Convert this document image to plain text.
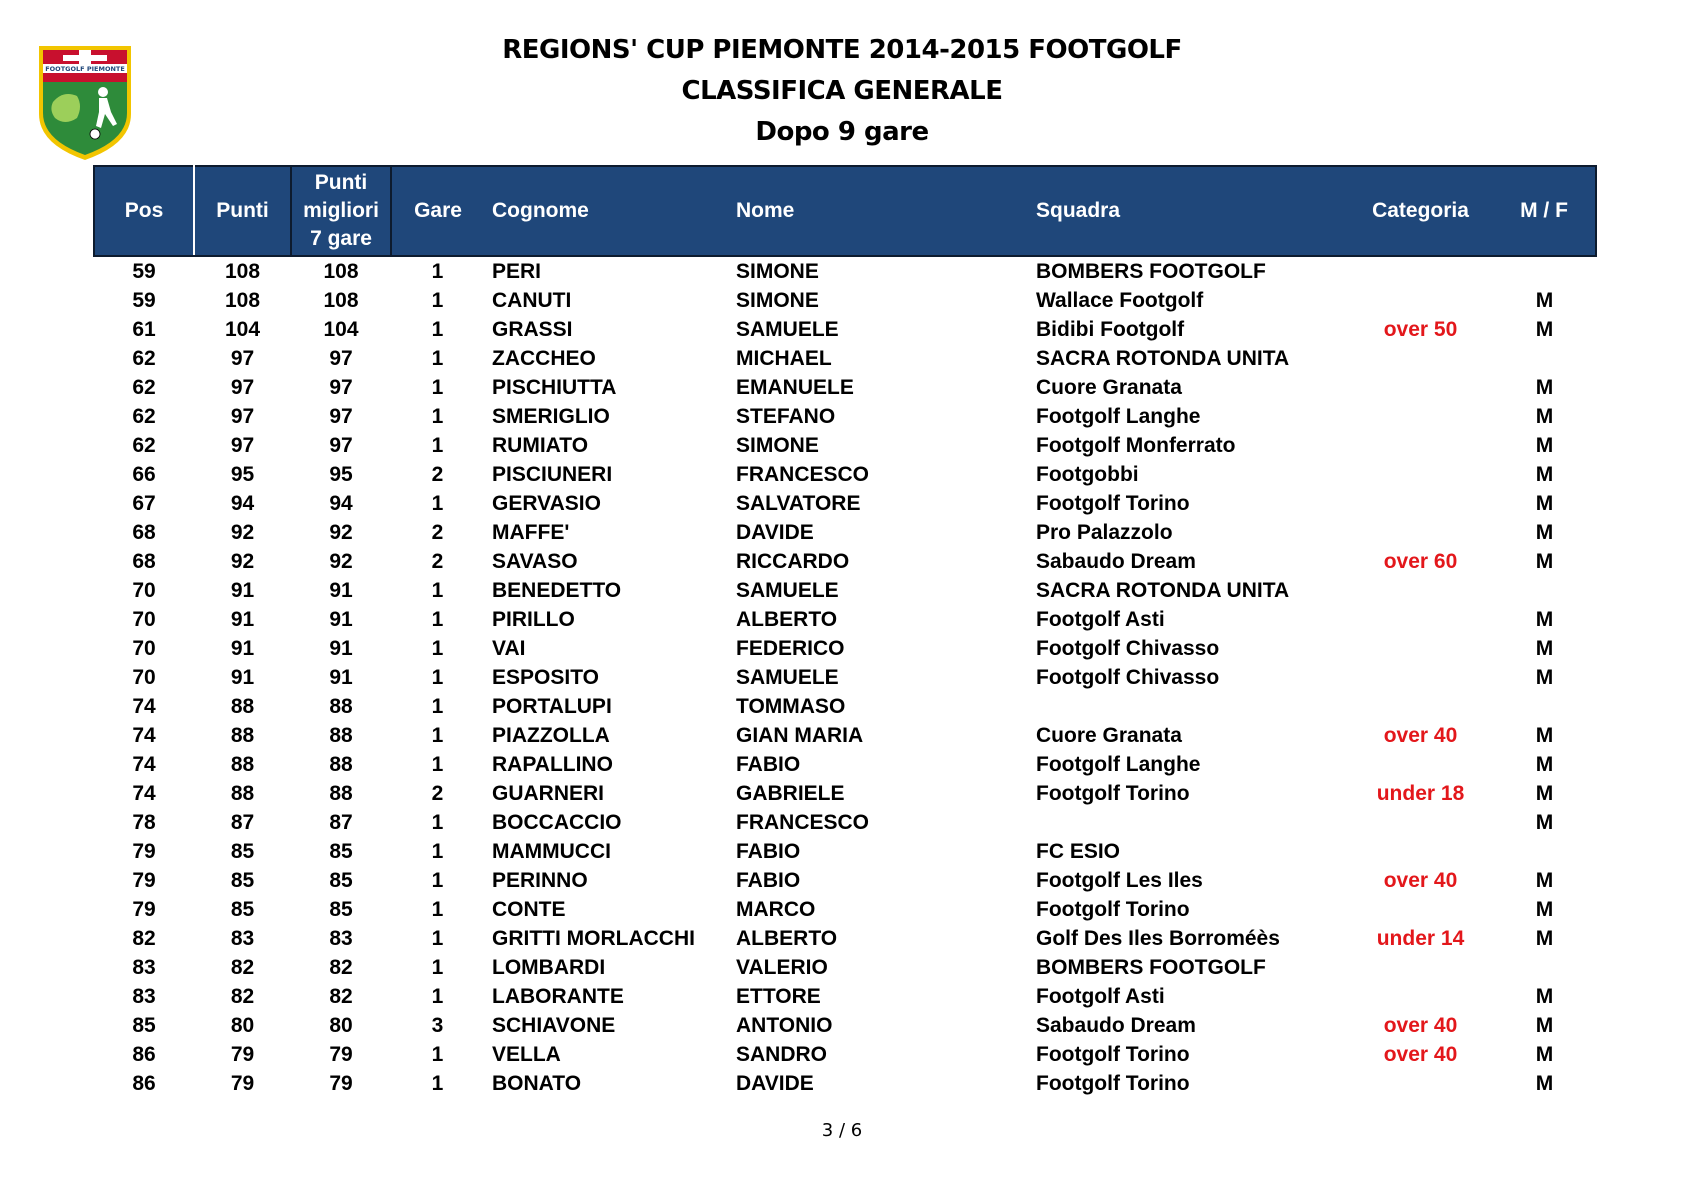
FOOTGOLF PIEMONTE
REGIONS' CUP PIEMONTE 2014-2015 FOOTGOLF
CLASSIFICA GENERALE
Dopo 9 gare
Pos	Punti	Punti
migliori
7 gare	Gare	Cognome	Nome	Squadra	Categoria	M / F
59	108	108	1	PERI	SIMONE	BOMBERS FOOTGOLF		
59	108	108	1	CANUTI	SIMONE	Wallace Footgolf		M
61	104	104	1	GRASSI	SAMUELE	Bidibi Footgolf	over 50	M
62	97	97	1	ZACCHEO	MICHAEL	SACRA ROTONDA UNITA		
62	97	97	1	PISCHIUTTA	EMANUELE	Cuore Granata		M
62	97	97	1	SMERIGLIO	STEFANO	Footgolf Langhe		M
62	97	97	1	RUMIATO	SIMONE	Footgolf Monferrato		M
66	95	95	2	PISCIUNERI	FRANCESCO	Footgobbi		M
67	94	94	1	GERVASIO	SALVATORE	Footgolf Torino		M
68	92	92	2	MAFFE'	DAVIDE	Pro Palazzolo		M
68	92	92	2	SAVASO	RICCARDO	Sabaudo Dream	over 60	M
70	91	91	1	BENEDETTO	SAMUELE	SACRA ROTONDA UNITA		
70	91	91	1	PIRILLO	ALBERTO	Footgolf Asti		M
70	91	91	1	VAI	FEDERICO	Footgolf Chivasso		M
70	91	91	1	ESPOSITO	SAMUELE	Footgolf Chivasso		M
74	88	88	1	PORTALUPI	TOMMASO			
74	88	88	1	PIAZZOLLA	GIAN MARIA	Cuore Granata	over 40	M
74	88	88	1	RAPALLINO	FABIO	Footgolf Langhe		M
74	88	88	2	GUARNERI	GABRIELE	Footgolf Torino	under 18	M
78	87	87	1	BOCCACCIO	FRANCESCO			M
79	85	85	1	MAMMUCCI	FABIO	FC ESIO		
79	85	85	1	PERINNO	FABIO	Footgolf Les Iles	over 40	M
79	85	85	1	CONTE	MARCO	Footgolf Torino		M
82	83	83	1	GRITTI MORLACCHI	ALBERTO	Golf Des Iles Borroméès	under 14	M
83	82	82	1	LOMBARDI	VALERIO	BOMBERS FOOTGOLF		
83	82	82	1	LABORANTE	ETTORE	Footgolf Asti		M
85	80	80	3	SCHIAVONE	ANTONIO	Sabaudo Dream	over 40	M
86	79	79	1	VELLA	SANDRO	Footgolf Torino	over 40	M
86	79	79	1	BONATO	DAVIDE	Footgolf Torino		M
3 / 6
